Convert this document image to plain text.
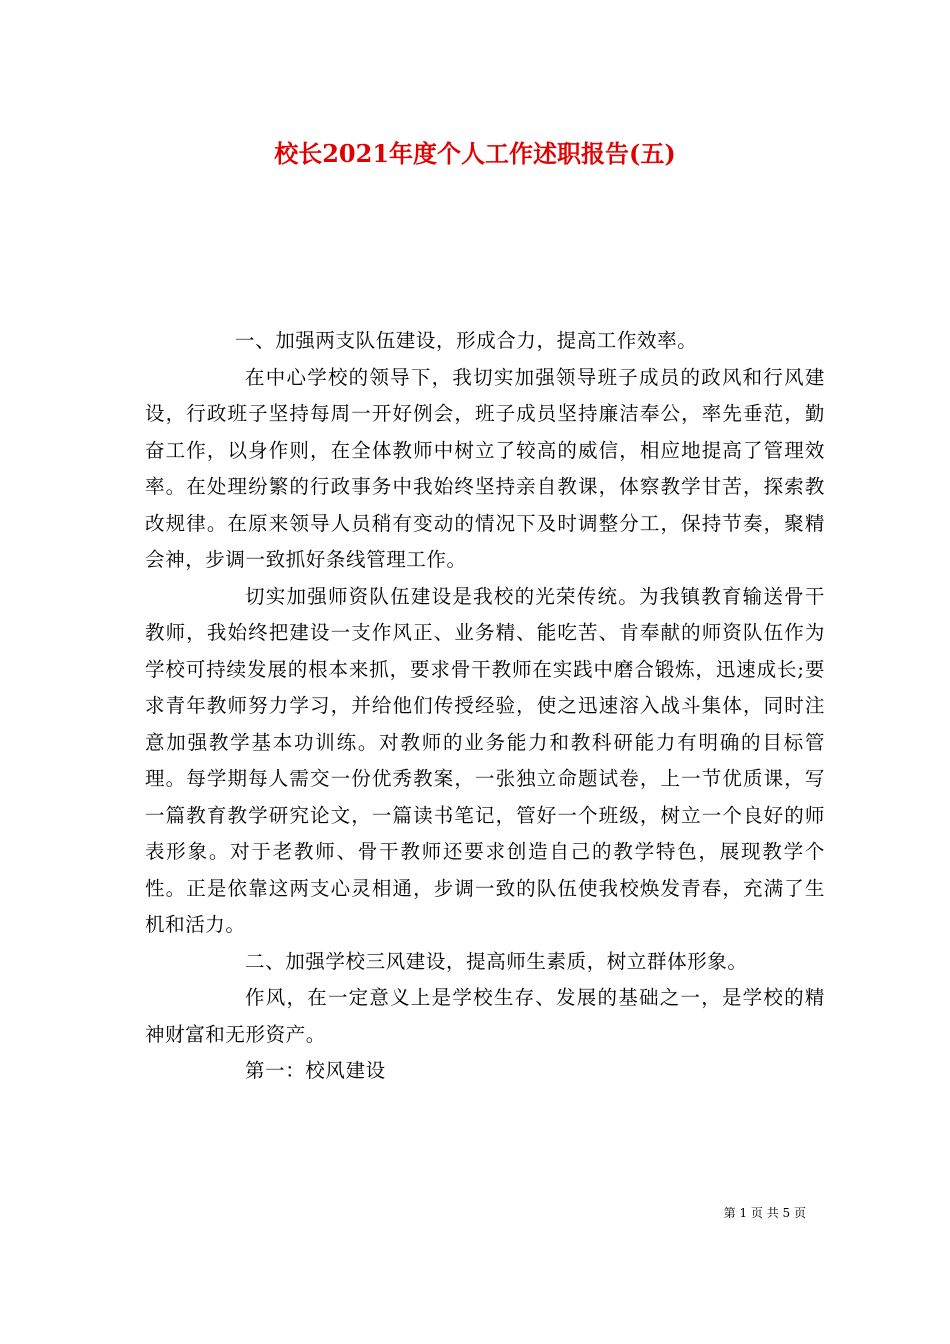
校长2021年度个人工作述职报告(五)

一、加强两支队伍建设，形成合力，提高工作效率。

在中心学校的领导下，我切实加强领导班子成员的政风和行风建设，行政班子坚持每周一开好例会，班子成员坚持廉洁奉公，率先垂范，勤奋工作，以身作则，在全体教师中树立了较高的威信，相应地提高了管理效率。在处理纷繁的行政事务中我始终坚持亲自教课，体察教学甘苦，探索教改规律。在原来领导人员稍有变动的情况下及时调整分工，保持节奏，聚精会神，步调一致抓好条线管理工作。

切实加强师资队伍建设是我校的光荣传统。为我镇教育输送骨干教师，我始终把建设一支作风正、业务精、能吃苦、肯奉献的师资队伍作为学校可持续发展的根本来抓，要求骨干教师在实践中磨合锻炼，迅速成长;要求青年教师努力学习，并给他们传授经验，使之迅速溶入战斗集体，同时注意加强教学基本功训练。对教师的业务能力和教科研能力有明确的目标管理。每学期每人需交一份优秀教案，一张独立命题试卷，上一节优质课，写一篇教育教学研究论文，一篇读书笔记，管好一个班级，树立一个良好的师表形象。对于老教师、骨干教师还要求创造自己的教学特色，展现教学个性。正是依靠这两支心灵相通，步调一致的队伍使我校焕发青春，充满了生机和活力。

二、加强学校三风建设，提高师生素质，树立群体形象。

作风，在一定意义上是学校生存、发展的基础之一，是学校的精神财富和无形资产。

第一：校风建设

第 1 页 共 5 页
